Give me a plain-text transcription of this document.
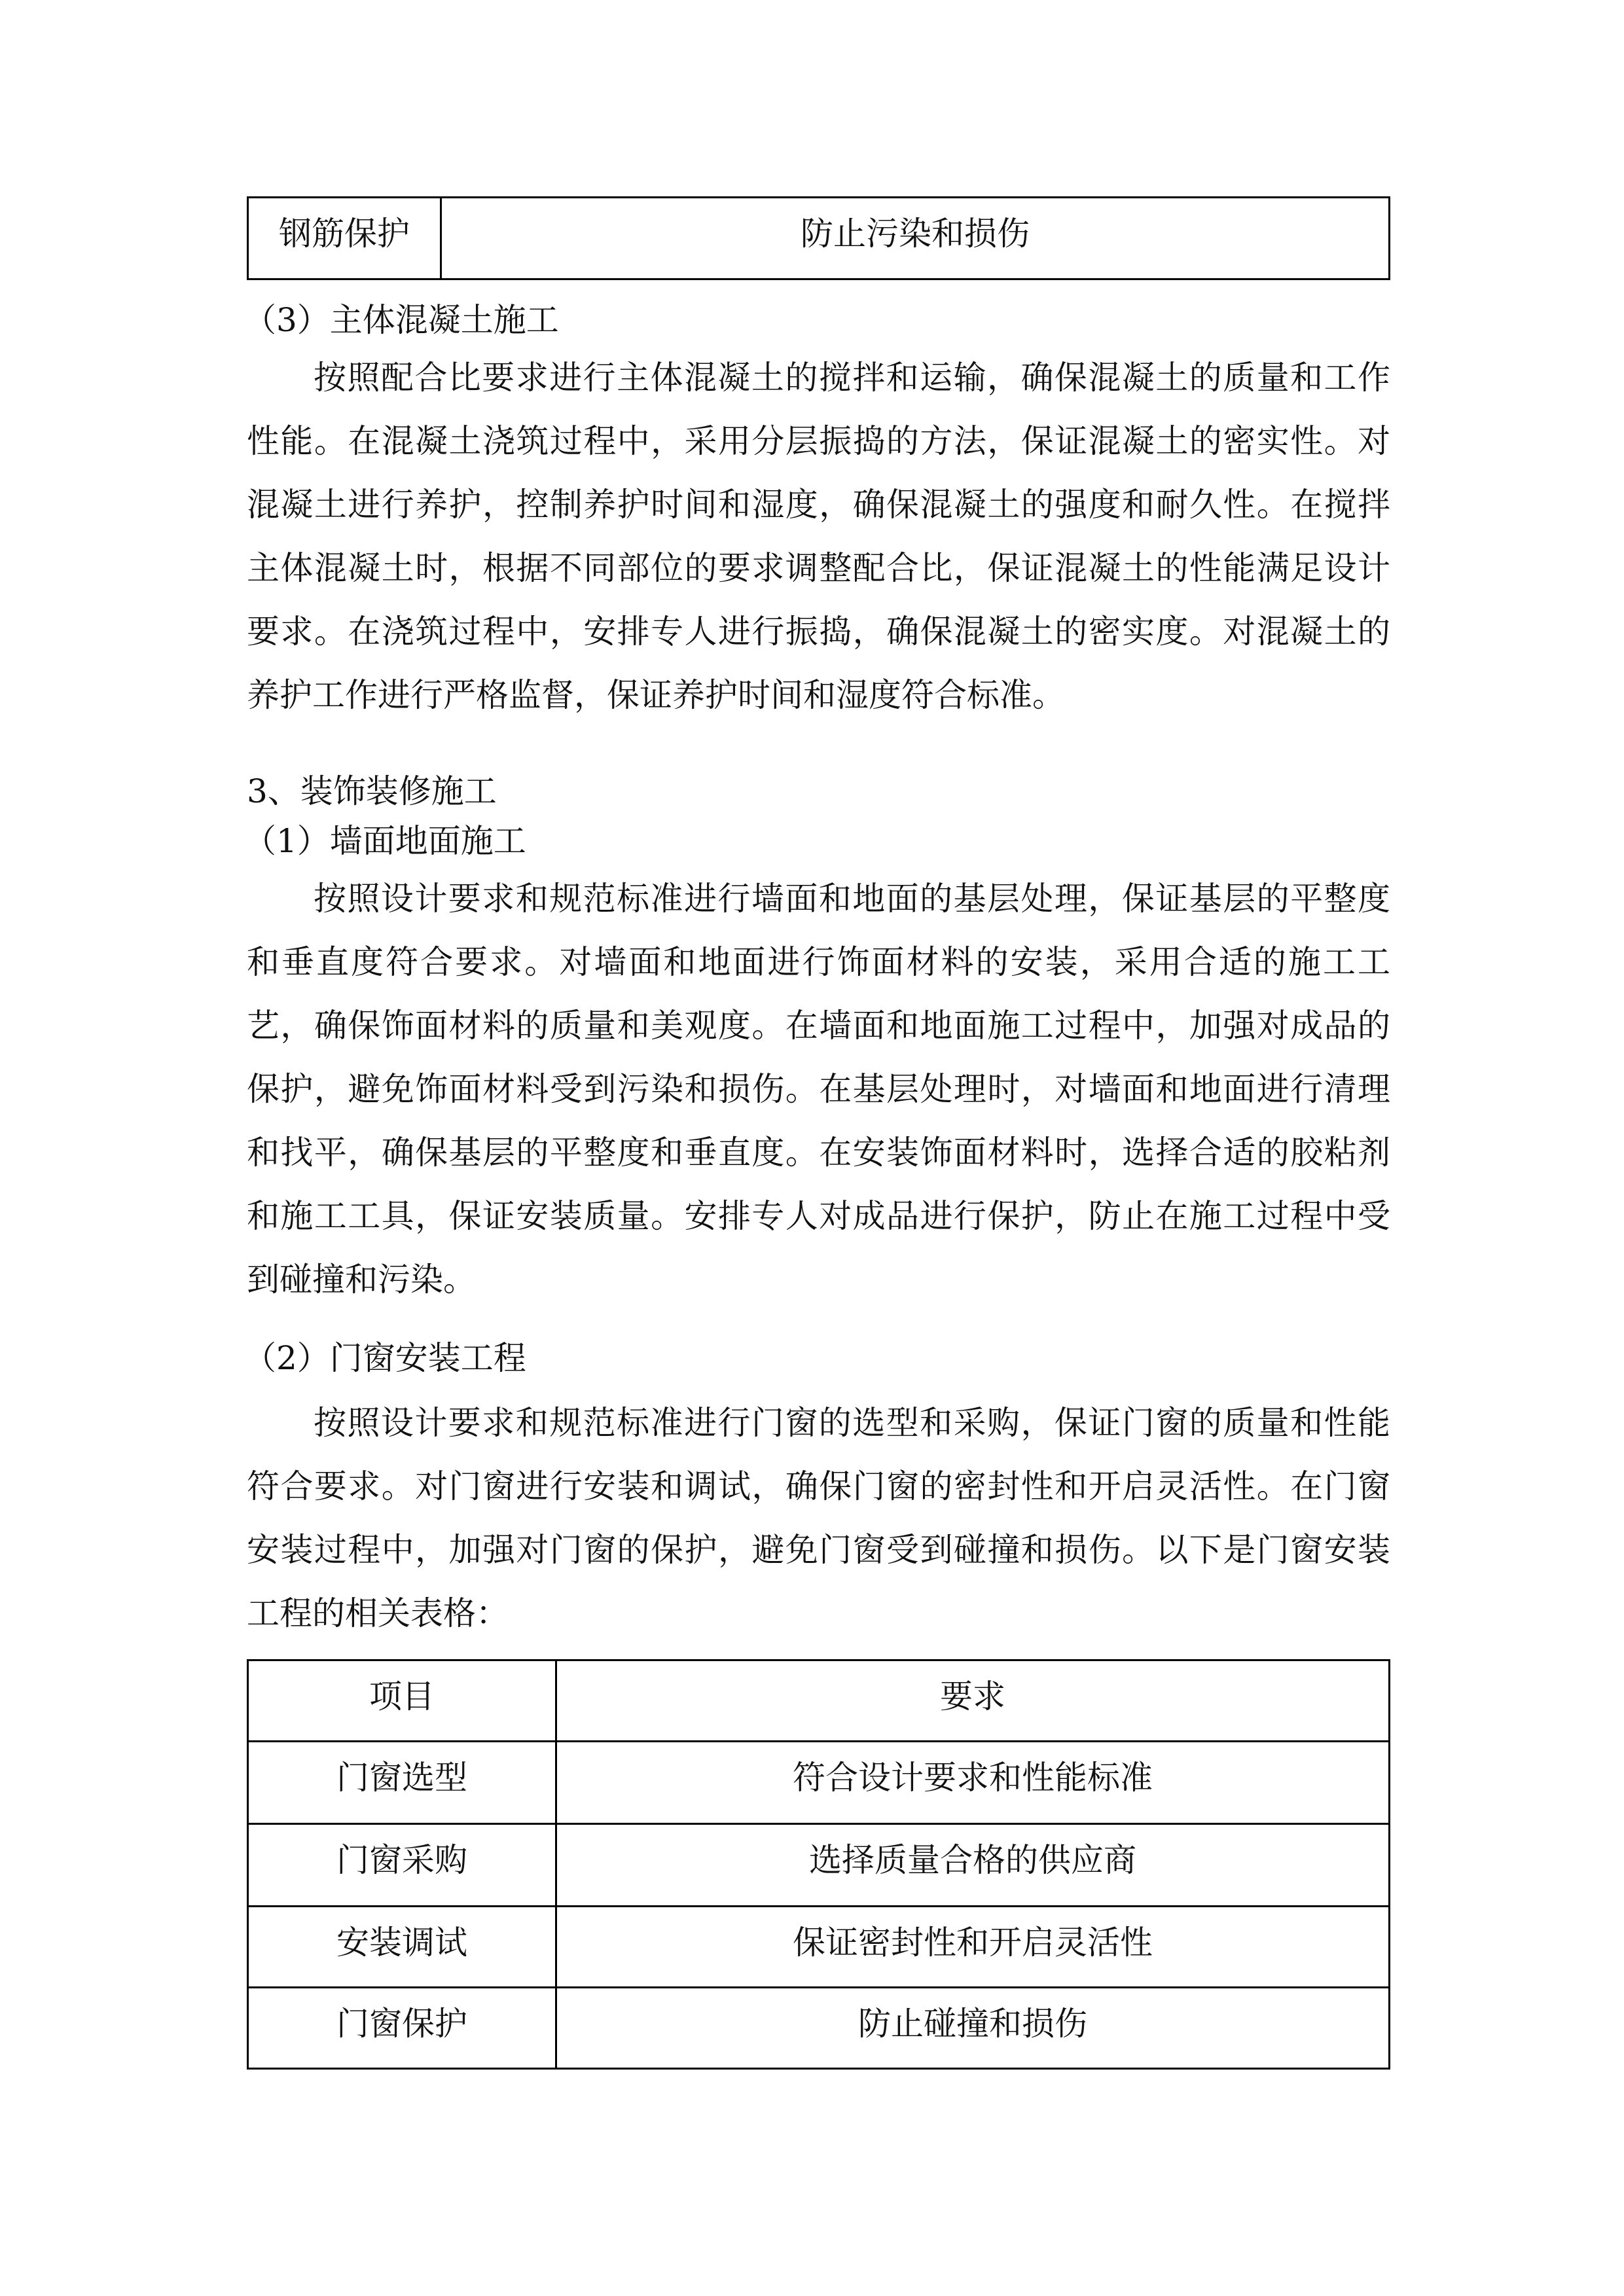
钢筋保护	防止污染和损伤
（3）主体混凝土施工
按照配合比要求进行主体混凝土的搅拌和运输，确保混凝土的质量和工作
性能。在混凝土浇筑过程中，采用分层振捣的方法，保证混凝土的密实性。对
混凝土进行养护，控制养护时间和湿度，确保混凝土的强度和耐久性。在搅拌
主体混凝土时，根据不同部位的要求调整配合比，保证混凝土的性能满足设计
要求。在浇筑过程中，安排专人进行振捣，确保混凝土的密实度。对混凝土的
养护工作进行严格监督，保证养护时间和湿度符合标准。
3、装饰装修施工
（1）墙面地面施工
按照设计要求和规范标准进行墙面和地面的基层处理，保证基层的平整度
和垂直度符合要求。对墙面和地面进行饰面材料的安装，采用合适的施工工
艺，确保饰面材料的质量和美观度。在墙面和地面施工过程中，加强对成品的
保护，避免饰面材料受到污染和损伤。在基层处理时，对墙面和地面进行清理
和找平，确保基层的平整度和垂直度。在安装饰面材料时，选择合适的胶粘剂
和施工工具，保证安装质量。安排专人对成品进行保护，防止在施工过程中受
到碰撞和污染。
（2）门窗安装工程
按照设计要求和规范标准进行门窗的选型和采购，保证门窗的质量和性能
符合要求。对门窗进行安装和调试，确保门窗的密封性和开启灵活性。在门窗
安装过程中，加强对门窗的保护，避免门窗受到碰撞和损伤。以下是门窗安装
工程的相关表格：
项目	要求
门窗选型	符合设计要求和性能标准
门窗采购	选择质量合格的供应商
安装调试	保证密封性和开启灵活性
门窗保护	防止碰撞和损伤
